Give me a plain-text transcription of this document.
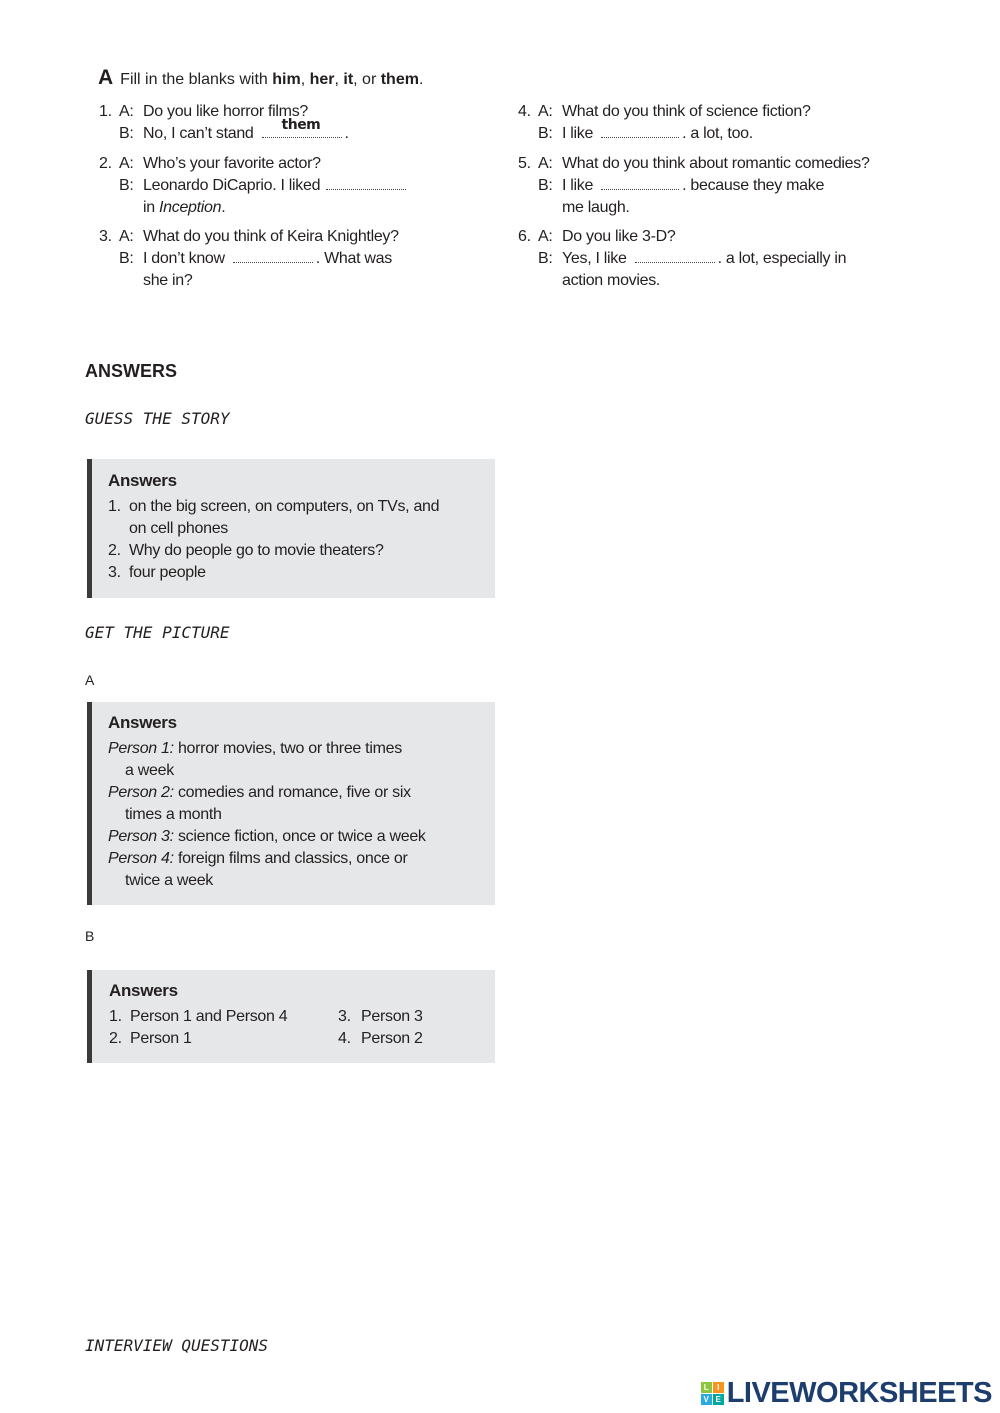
A Fill in the blanks with him, her, it, or them.
1. A: Do you like horror films?
B: No, I can’t stand them .
2. A: Who’s your favorite actor?
B: Leonardo DiCaprio. I liked
in Inception.
3. A: What do you think of Keira Knightley?
B: I don’t know	. What was
she in?
4. A: What do you think of science fiction?
B: I like	. a lot, too.
5. A: What do you think about romantic comedies?
B: I like	. because they make
me laugh.
6. A: Do you like 3-D?
B: Yes, I like	. a lot, especially in
action movies.
ANSWERS
GUESS THE STORY
Answers
1. on the big screen, on computers, on TVs, and
on cell phones
2. Why do people go to movie theaters?
3. four people
GET THE PICTURE
A
Answers
Person 1: horror movies, two or three times
a week
Person 2: comedies and romance, five or six
times a month
Person 3: science fiction, once or twice a week
Person 4: foreign films and classics, once or
twice a week
B
Answers
1. Person 1 and Person 4	3. Person 3
2. Person 1	4. Person 2
INTERVIEW QUESTIONS
L	I
V E LIVEWORKSHEETS
